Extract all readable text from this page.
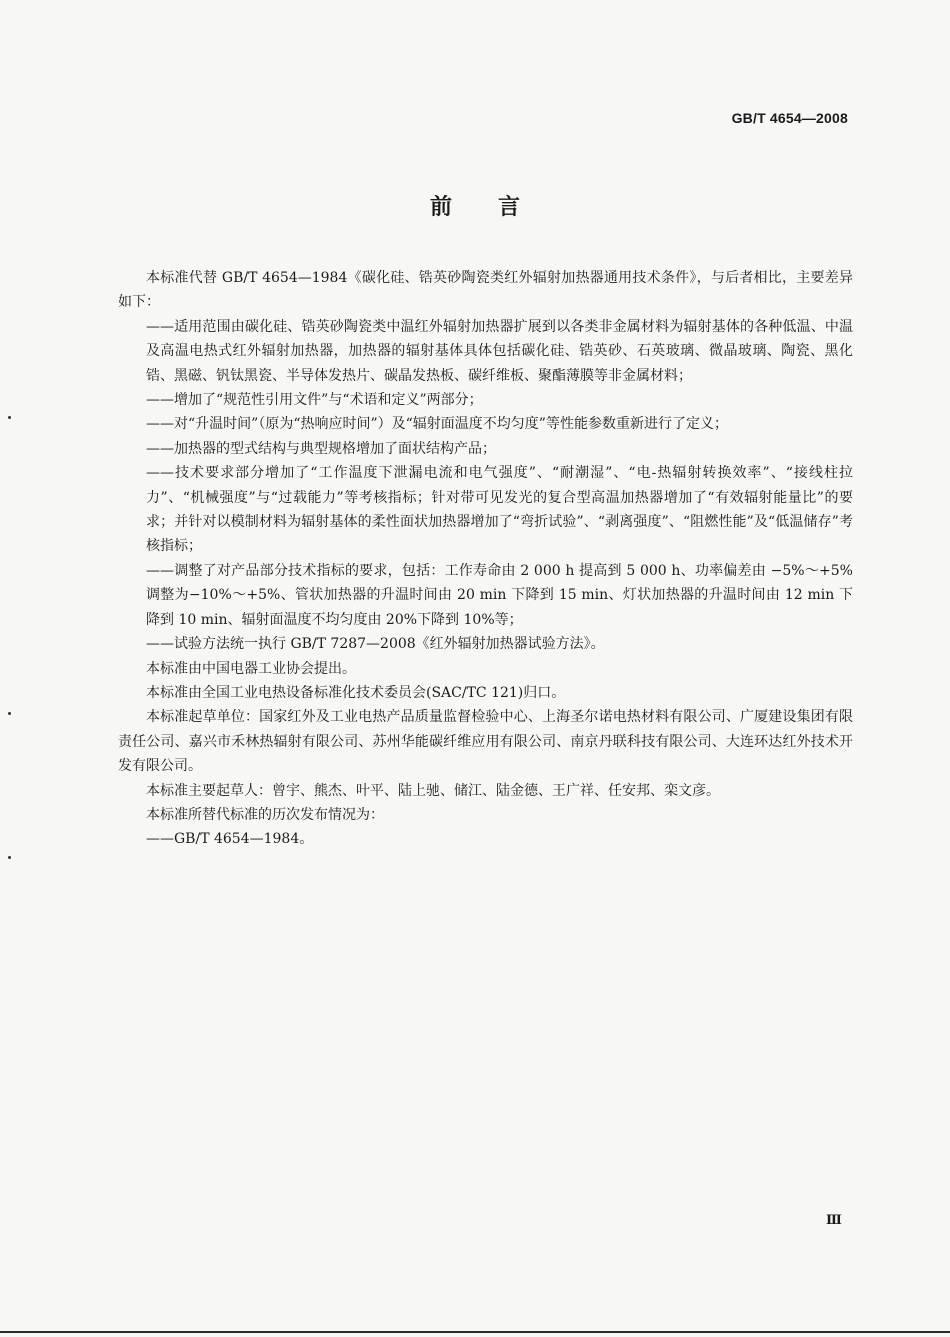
GB/T 4654—2008
前言

本标准代替 GB/T 4654—1984《碳化硅、锆英砂陶瓷类红外辐射加热器通用技术条件》，与后者相比，主要差异如下：

——适用范围由碳化硅、锆英砂陶瓷类中温红外辐射加热器扩展到以各类非金属材料为辐射基体的各种低温、中温及高温电热式红外辐射加热器，加热器的辐射基体具体包括碳化硅、锆英砂、石英玻璃、微晶玻璃、陶瓷、黑化锆、黑磁、钒钛黑瓷、半导体发热片、碳晶发热板、碳纤维板、聚酯薄膜等非金属材料；

——增加了“规范性引用文件”与“术语和定义”两部分；

——对“升温时间”（原为“热响应时间”）及“辐射面温度不均匀度”等性能参数重新进行了定义；

——加热器的型式结构与典型规格增加了面状结构产品；

——技术要求部分增加了“工作温度下泄漏电流和电气强度”、“耐潮湿”、“电-热辐射转换效率”、“接线柱拉力”、“机械强度”与“过载能力”等考核指标；针对带可见发光的复合型高温加热器增加了“有效辐射能量比”的要求；并针对以模制材料为辐射基体的柔性面状加热器增加了“弯折试验”、“剥离强度”、“阻燃性能”及“低温储存”考核指标；

——调整了对产品部分技术指标的要求，包括：工作寿命由 2 000 h 提高到 5 000 h、功率偏差由 −5%～+5%调整为−10%～+5%、管状加热器的升温时间由 20 min 下降到 15 min、灯状加热器的升温时间由 12 min 下降到 10 min、辐射面温度不均匀度由 20%下降到 10%等；

——试验方法统一执行 GB/T 7287—2008《红外辐射加热器试验方法》。

本标准由中国电器工业协会提出。

本标准由全国工业电热设备标准化技术委员会(SAC/TC 121)归口。

本标准起草单位：国家红外及工业电热产品质量监督检验中心、上海圣尔诺电热材料有限公司、广厦建设集团有限责任公司、嘉兴市禾林热辐射有限公司、苏州华能碳纤维应用有限公司、南京丹联科技有限公司、大连环达红外技术开发有限公司。

本标准主要起草人：曾宇、熊杰、叶平、陆上驰、储江、陆金德、王广祥、任安邦、栾文彦。

本标准所替代标准的历次发布情况为：

——GB/T 4654—1984。

Ⅲ
